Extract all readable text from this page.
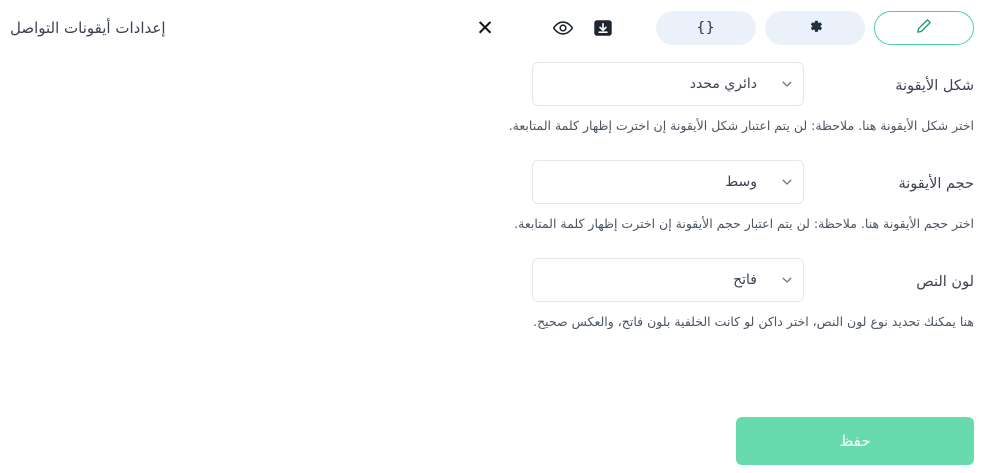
إعدادات أيقونات التواصل	✕	{}
شكل الأيقونة
دائري محدد
اختر شكل الأيقونة هنا. ملاحظة: لن يتم اعتبار شكل الأيقونة إن اخترت إظهار كلمة المتابعة.
حجم الأيقونة
وسط
اختر حجم الأيقونة هنا. ملاحظة: لن يتم اعتبار حجم الأيقونة إن اخترت إظهار كلمة المتابعة.
لون النص
فاتح
هنا يمكنك تحديد نوع لون النص، اختر داكن لو كانت الخلفية بلون فاتح، والعكس صحيح.
حفظ
